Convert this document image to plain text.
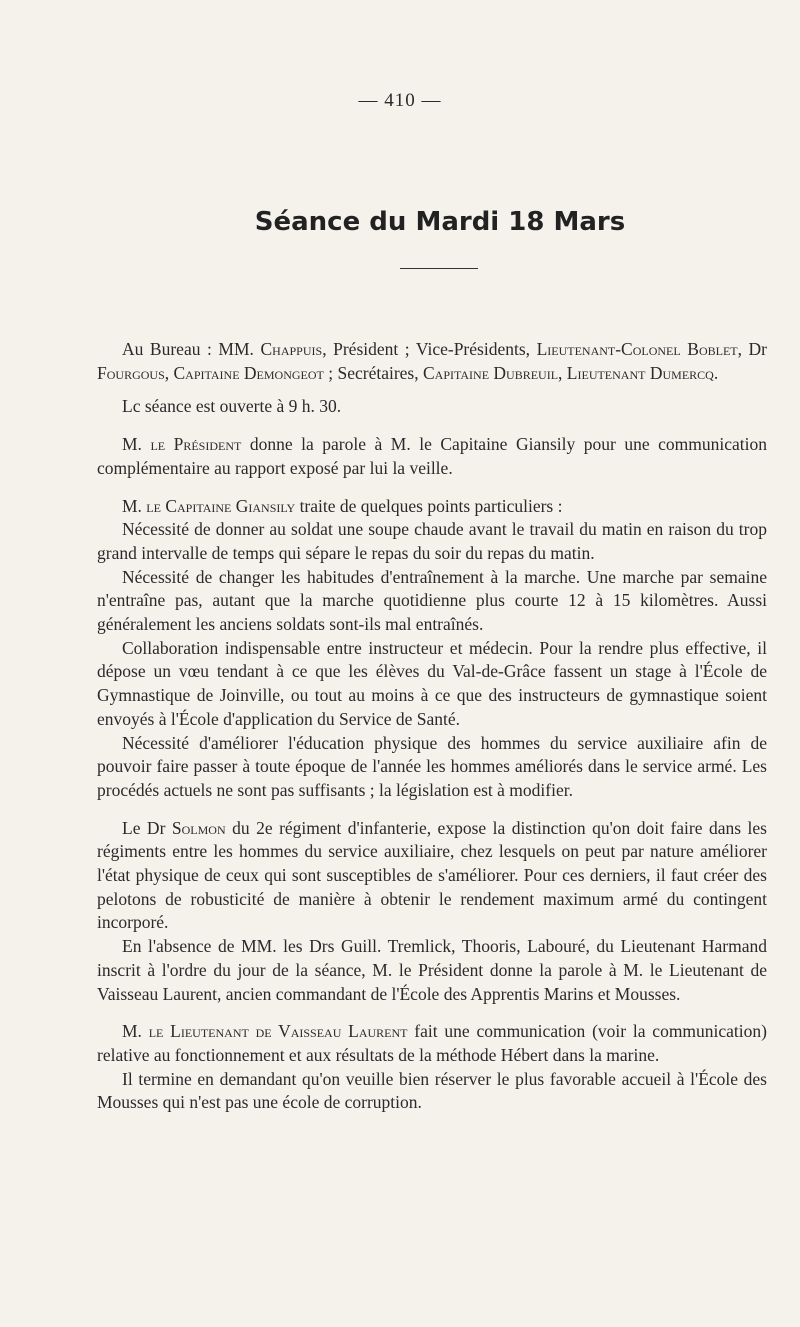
— 410 —
Séance du Mardi 18 Mars

Au Bureau : MM. Chappuis, Président ; Vice-Présidents, Lieutenant-Colonel Boblet, Dr Fourgous, Capitaine Demongeot ; Secrétaires, Capitaine Dubreuil, Lieutenant Dumercq.

Lc séance est ouverte à 9 h. 30.

M. le Président donne la parole à M. le Capitaine Giansily pour une communication complémentaire au rapport exposé par lui la veille.

M. le Capitaine Giansily traite de quelques points particuliers :

Nécessité de donner au soldat une soupe chaude avant le travail du matin en raison du trop grand intervalle de temps qui sépare le repas du soir du repas du matin.

Nécessité de changer les habitudes d'entraînement à la marche. Une marche par semaine n'entraîne pas, autant que la marche quotidienne plus courte 12 à 15 kilomètres. Aussi généralement les anciens soldats sont-ils mal entraînés.

Collaboration indispensable entre instructeur et médecin. Pour la rendre plus effective, il dépose un vœu tendant à ce que les élèves du Val-de-Grâce fassent un stage à l'École de Gymnastique de Joinville, ou tout au moins à ce que des instructeurs de gymnastique soient envoyés à l'École d'application du Service de Santé.

Nécessité d'améliorer l'éducation physique des hommes du service auxiliaire afin de pouvoir faire passer à toute époque de l'année les hommes améliorés dans le service armé. Les procédés actuels ne sont pas suffisants ; la législation est à modifier.

Le Dr Solmon du 2e régiment d'infanterie, expose la distinction qu'on doit faire dans les régiments entre les hommes du service auxiliaire, chez lesquels on peut par nature améliorer l'état physique de ceux qui sont susceptibles de s'améliorer. Pour ces derniers, il faut créer des pelotons de robusticité de manière à obtenir le rendement maximum armé du contingent incorporé.

En l'absence de MM. les Drs Guill. Tremlick, Thooris, Labouré, du Lieutenant Harmand inscrit à l'ordre du jour de la séance, M. le Président donne la parole à M. le Lieutenant de Vaisseau Laurent, ancien commandant de l'École des Apprentis Marins et Mousses.

M. le Lieutenant de Vaisseau Laurent fait une communication (voir la communication) relative au fonctionnement et aux résultats de la méthode Hébert dans la marine.

Il termine en demandant qu'on veuille bien réserver le plus favorable accueil à l'École des Mousses qui n'est pas une école de corruption.
